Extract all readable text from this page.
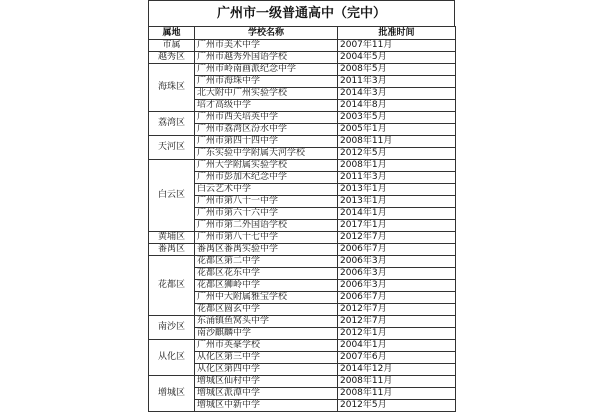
广州市一级普通高中（完中）
属地	学校名称	批准时间
市属	广州市美术中学	2007年11月
越秀区	广州市越秀外国语学校	2004年5月
海珠区	广州市岭南画派纪念中学	2008年5月
	广州市海珠中学	2011年3月
	北大附中广州实验学校	2014年3月
	培才高级中学	2014年8月
荔湾区	广州市西关培英中学	2003年5月
	广州市荔湾区汾水中学	2005年1月
天河区	广州市第四十四中学	2008年11月
	广东实验中学附属天河学校	2012年5月
白云区	广州大学附属实验学校	2008年1月
	广州市彭加木纪念中学	2011年3月
	白云艺术中学	2013年1月
	广州市第八十一中学	2013年1月
	广州市第六十六中学	2014年1月
	广州市第二外国语学校	2017年1月
黄埔区	广州市第八十七中学	2012年7月
番禺区	番禺区番禺实验中学	2006年7月
花都区	花都区第二中学	2006年3月
	花都区花东中学	2006年3月
	花都区狮岭中学	2006年3月
	广州中大附属雅宝学校	2006年7月
	花都区圆玄中学	2012年7月
南沙区	东涌镇鱼窝头中学	2012年7月
	南沙麒麟中学	2012年1月
从化区	广州市英豪学校	2004年1月
	从化区第三中学	2007年6月
	从化区第四中学	2014年12月
增城区	增城区仙村中学	2008年11月
	增城区派潭中学	2008年11月
	增城区中新中学	2012年5月
